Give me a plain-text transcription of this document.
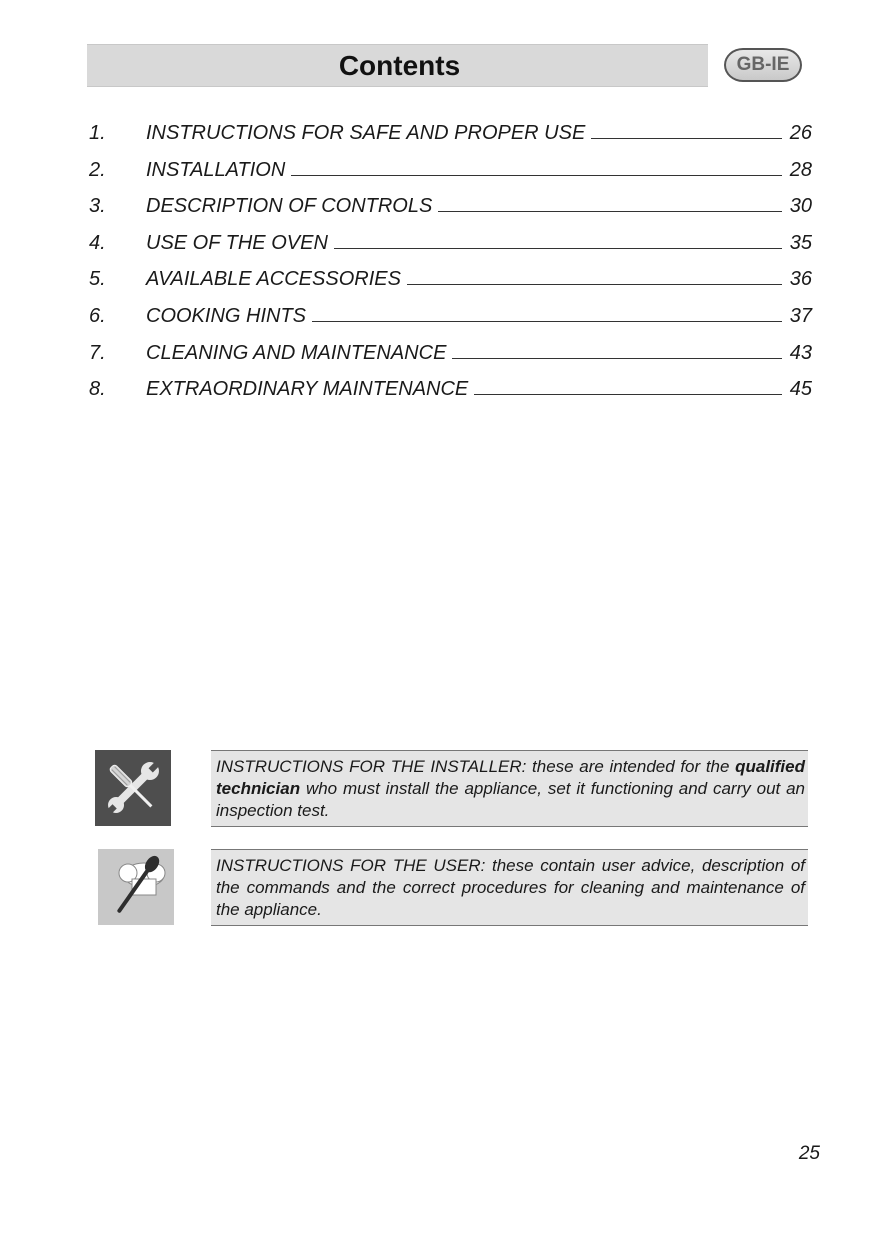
Contents	GB-IE
1.	INSTRUCTIONS FOR SAFE AND PROPER USE	26
2.	INSTALLATION	28
3.	DESCRIPTION OF CONTROLS	30
4.	USE OF THE OVEN	35
5.	AVAILABLE ACCESSORIES	36
6.	COOKING HINTS	37
7.	CLEANING AND MAINTENANCE	43
8.	EXTRAORDINARY MAINTENANCE	45
INSTRUCTIONS FOR THE INSTALLER: these are intended for the qualified technician who must install the appliance, set it functioning and carry out an inspection test.
INSTRUCTIONS FOR THE USER: these contain user advice, description of the commands and the correct procedures for cleaning and maintenance of the appliance.
25
